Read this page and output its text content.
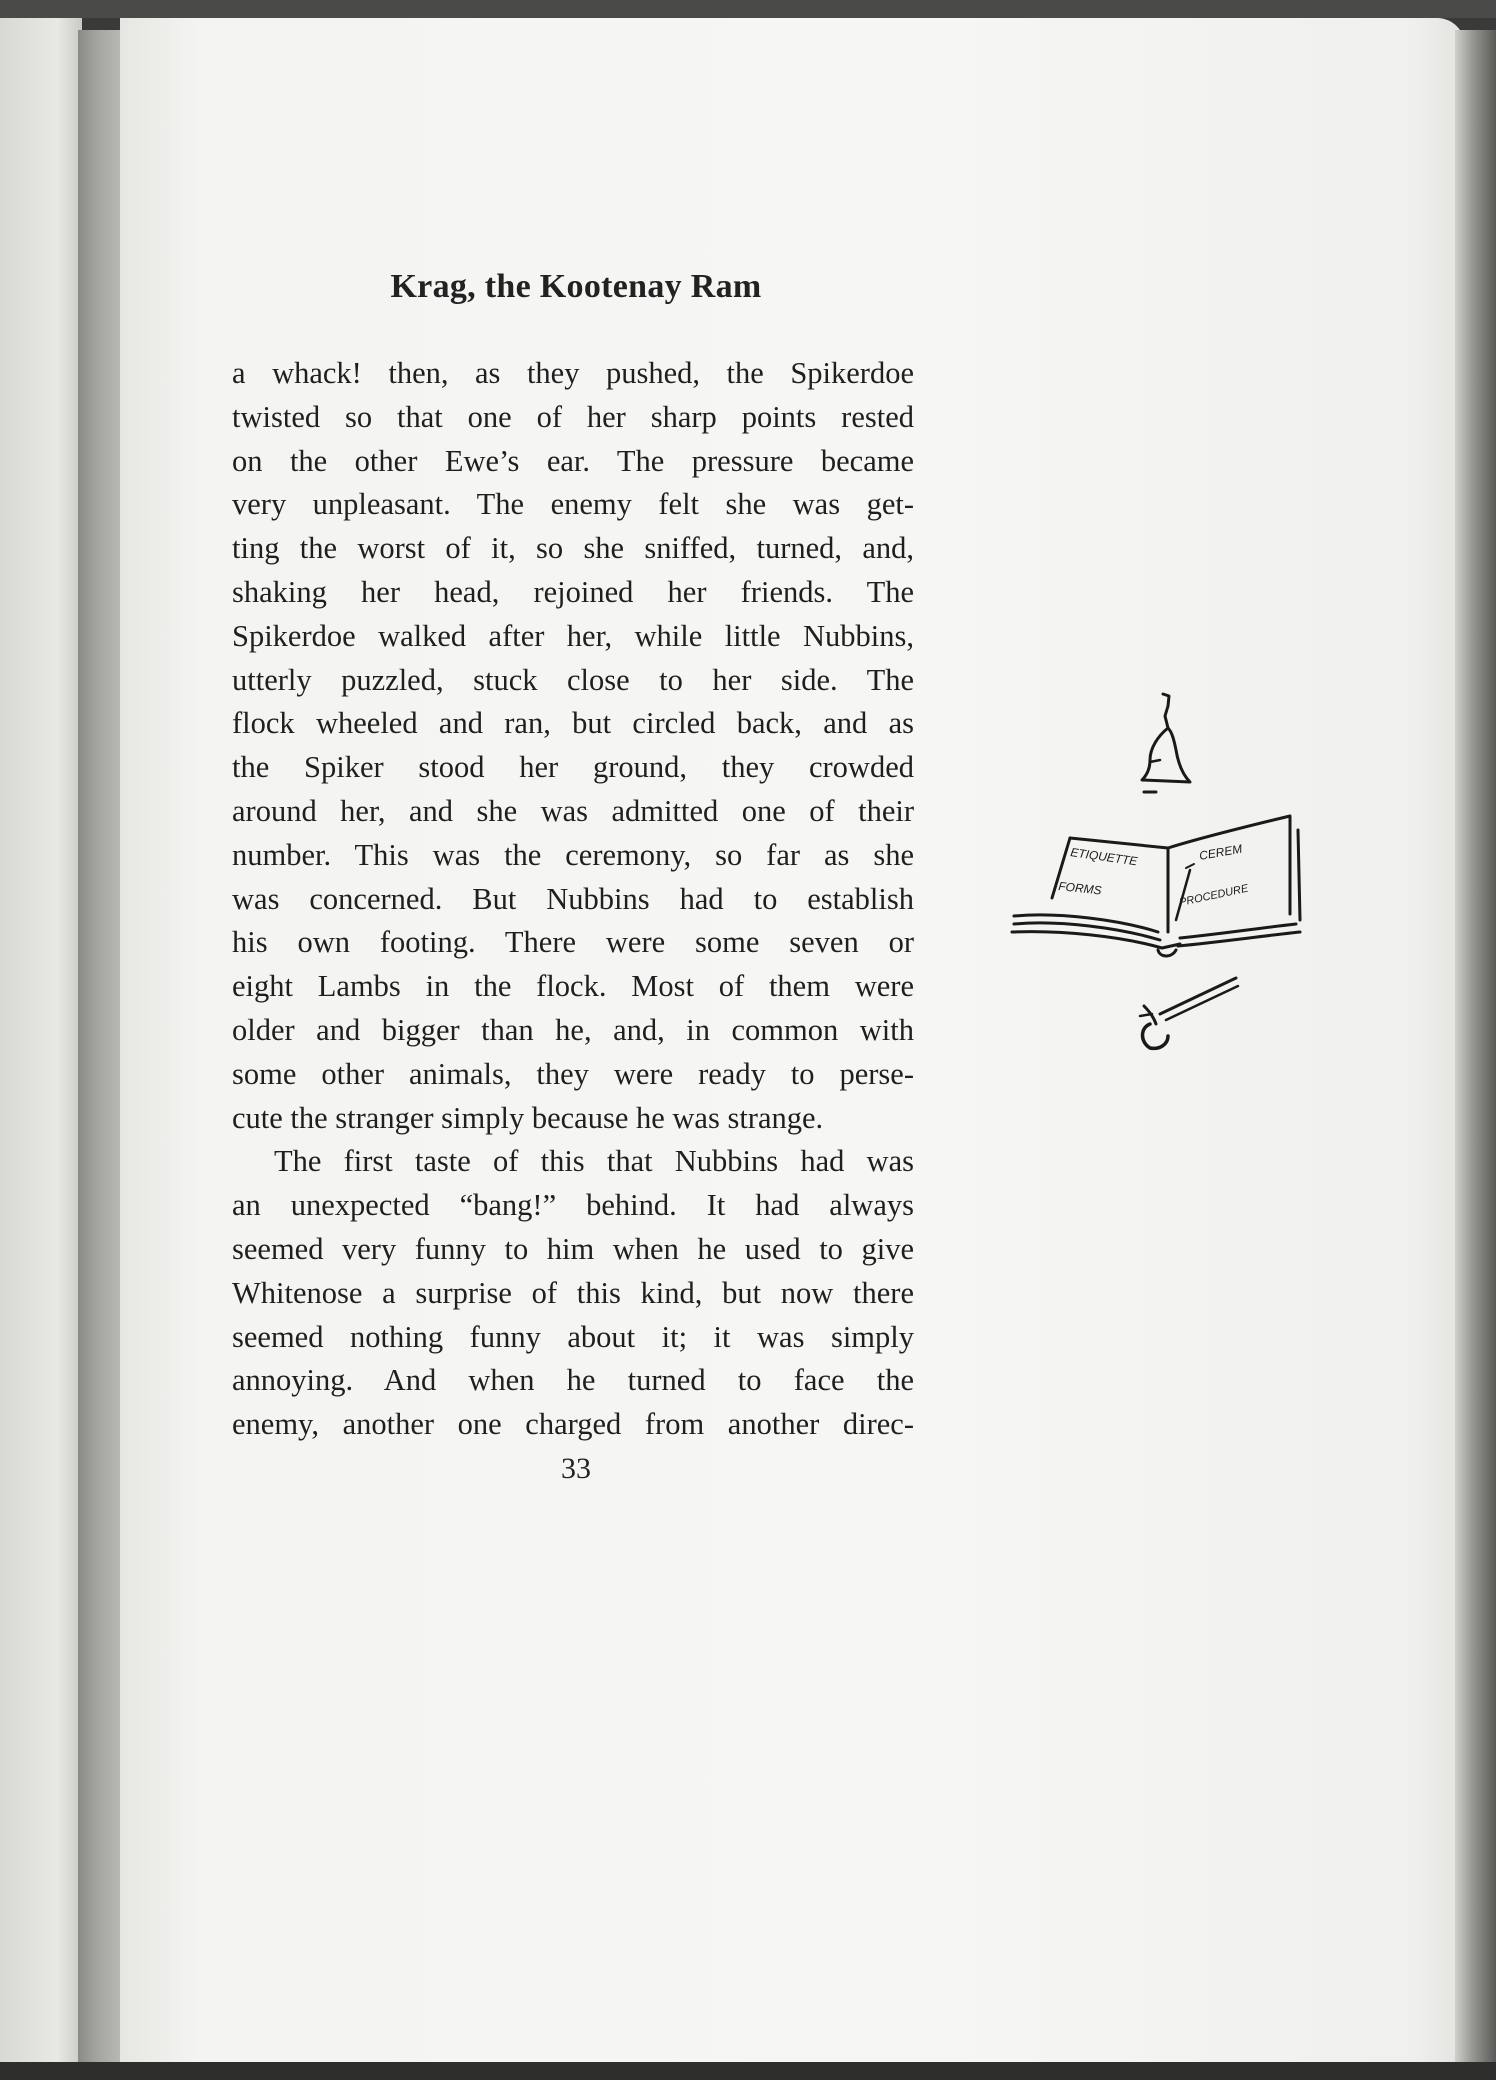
Krag, the Kootenay Ram
a whack! then, as they pushed, the Spikerdoe
twisted so that one of her sharp points rested
on the other Ewe’s ear. The pressure became
very unpleasant. The enemy felt she was get-
ting the worst of it, so she sniffed, turned, and,
shaking her head, rejoined her friends. The
Spikerdoe walked after her, while little Nubbins,
utterly puzzled, stuck close to her side. The
flock wheeled and ran, but circled back, and as
the Spiker stood her ground, they crowded
around her, and she was admitted one of their
number. This was the ceremony, so far as she
was concerned. But Nubbins had to establish
his own footing. There were some seven or
eight Lambs in the flock. Most of them were
older and bigger than he, and, in common with
some other animals, they were ready to perse-
cute the stranger simply because he was strange.
The first taste of this that Nubbins had was
an unexpected “bang!” behind. It had always
seemed very funny to him when he used to give
Whitenose a surprise of this kind, but now there
seemed nothing funny about it; it was simply
annoying. And when he turned to face the
enemy, another one charged from another direc-

33

ETIQUETTE	CEREM
FORMS	PROCEDURE
